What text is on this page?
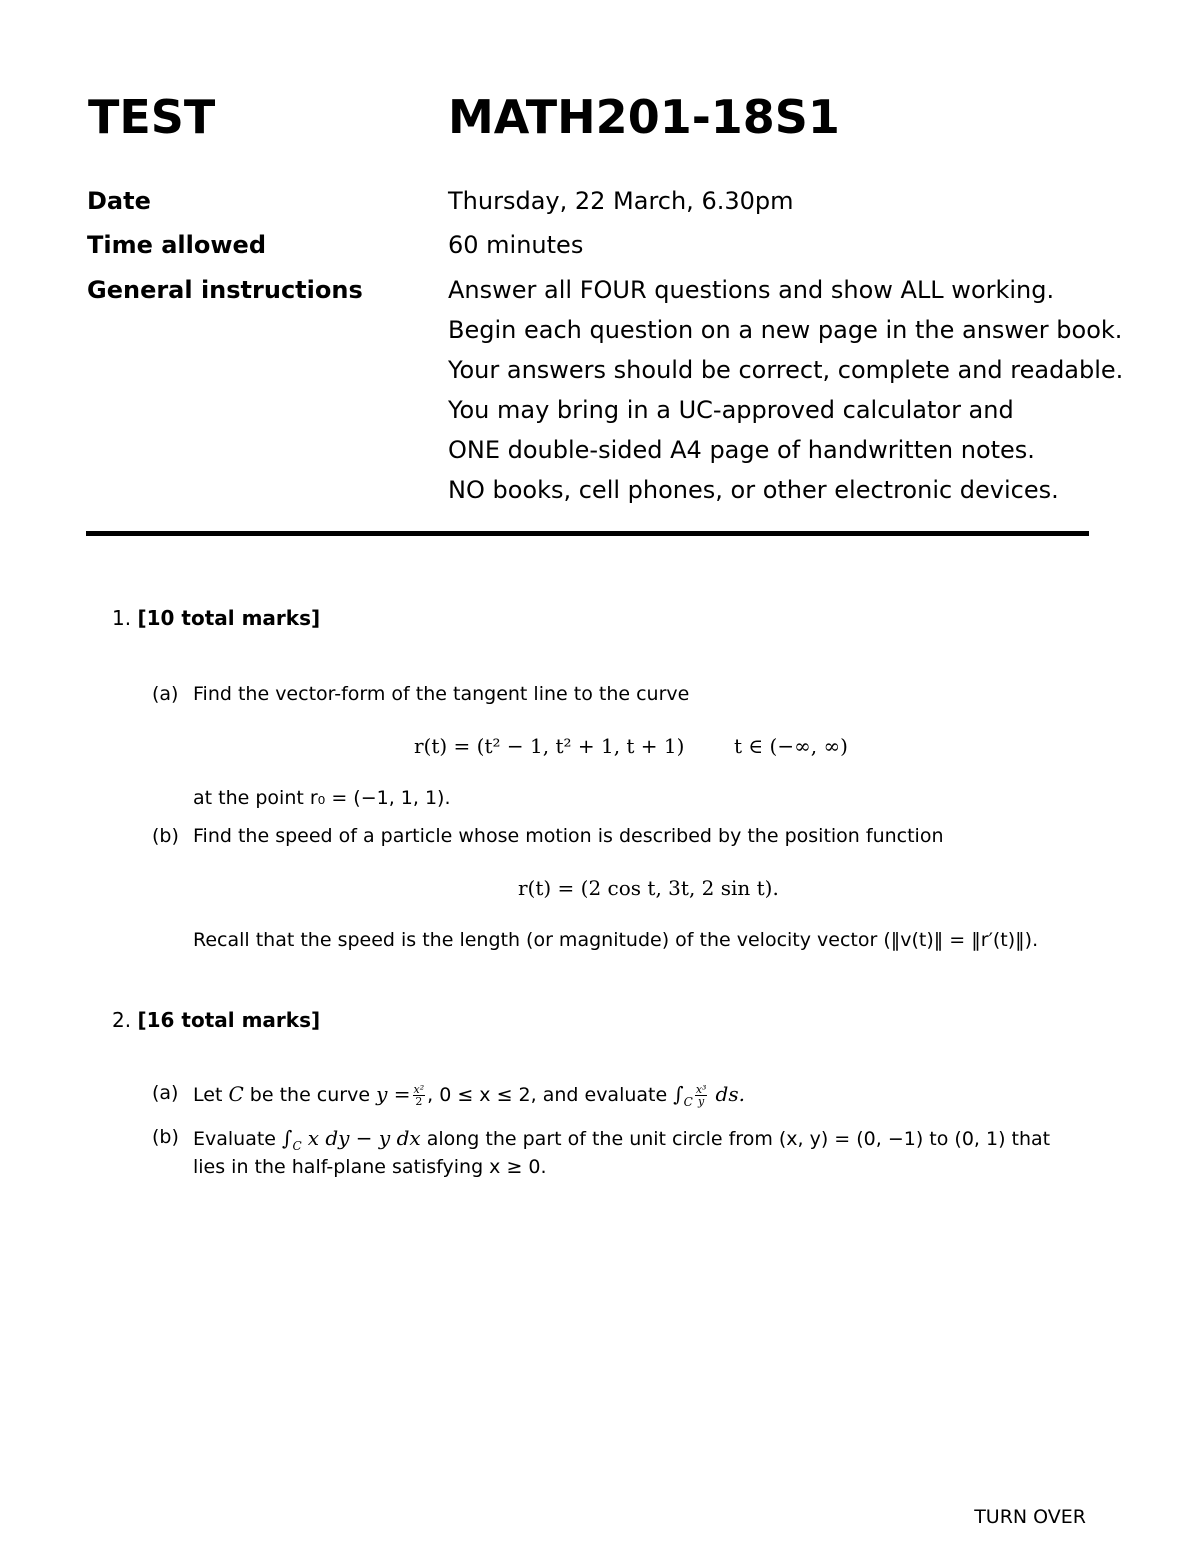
TEST	MATH201-18S1
Date	Thursday, 22 March, 6.30pm
Time allowed	60 minutes
General instructions	Answer all FOUR questions and show ALL working.
Begin each question on a new page in the answer book.
Your answers should be correct, complete and readable.
You may bring in a UC-approved calculator and
ONE double-sided A4 page of handwritten notes.
NO books, cell phones, or other electronic devices.
1. [10 total marks]
(a) Find the vector-form of the tangent line to the curve
r(t) = (t² − 1, t² + 1, t + 1) t ∈ (−∞, ∞)
at the point r₀ = (−1, 1, 1).
(b) Find the speed of a particle whose motion is described by the position function
r(t) = (2 cos t, 3t, 2 sin t).
Recall that the speed is the length (or magnitude) of the velocity vector (‖v(t)‖ = ‖r′(t)‖).
2. [16 total marks]
(a) Let C be the curve $y = \frac{\text{x²}}{2}$ , 0 ≤ x ≤ 2, and evaluate $\int_C \frac{\text{x³}}{y}$ ds.
(b) Evaluate $\int_C$ x dy − y dx along the part of the unit circle from (x, y) = (0, −1) to (0, 1) that
lies in the half-plane satisfying x ≥ 0.
TURN OVER
